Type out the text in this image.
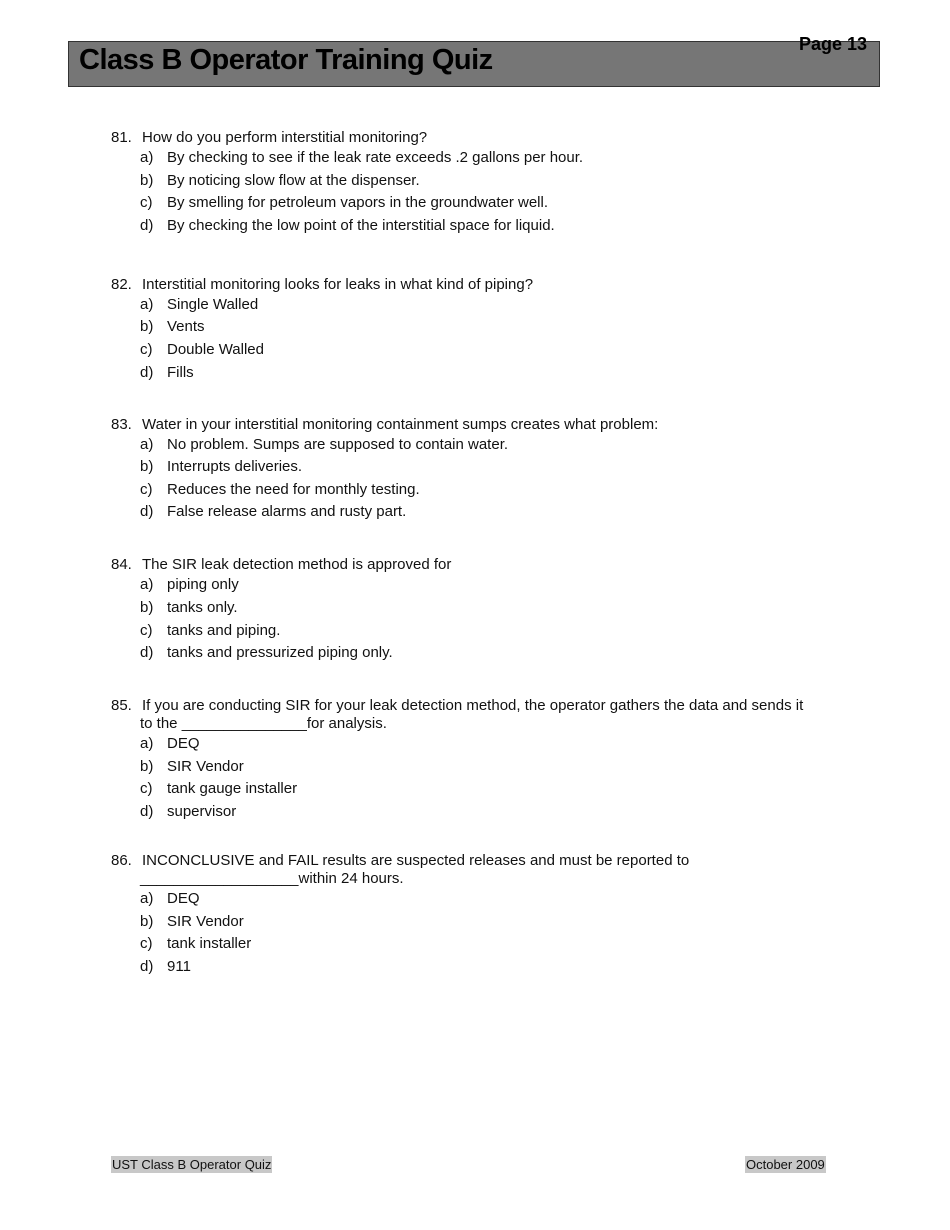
Class B Operator Training Quiz	Page 13
81. How do you perform interstitial monitoring?
a) By checking to see if the leak rate exceeds .2 gallons per hour.
b) By noticing slow flow at the dispenser.
c) By smelling for petroleum vapors in the groundwater well.
d) By checking the low point of the interstitial space for liquid.
82. Interstitial monitoring looks for leaks in what kind of piping?
a) Single Walled
b) Vents
c) Double Walled
d) Fills
83. Water in your interstitial monitoring containment sumps creates what problem:
a) No problem. Sumps are supposed to contain water.
b) Interrupts deliveries.
c) Reduces the need for monthly testing.
d) False release alarms and rusty part.
84. The SIR leak detection method is approved for
a) piping only
b) tanks only.
c) tanks and piping.
d) tanks and pressurized piping only.
85. If you are conducting SIR for your leak detection method, the operator gathers the data and sends it
to the _______________for analysis.
a) DEQ
b) SIR Vendor
c) tank gauge installer
d) supervisor
86. INCONCLUSIVE and FAIL results are suspected releases and must be reported to
___________________within 24 hours.
a) DEQ
b) SIR Vendor
c) tank installer
d) 911
UST Class B Operator Quiz	October 2009
